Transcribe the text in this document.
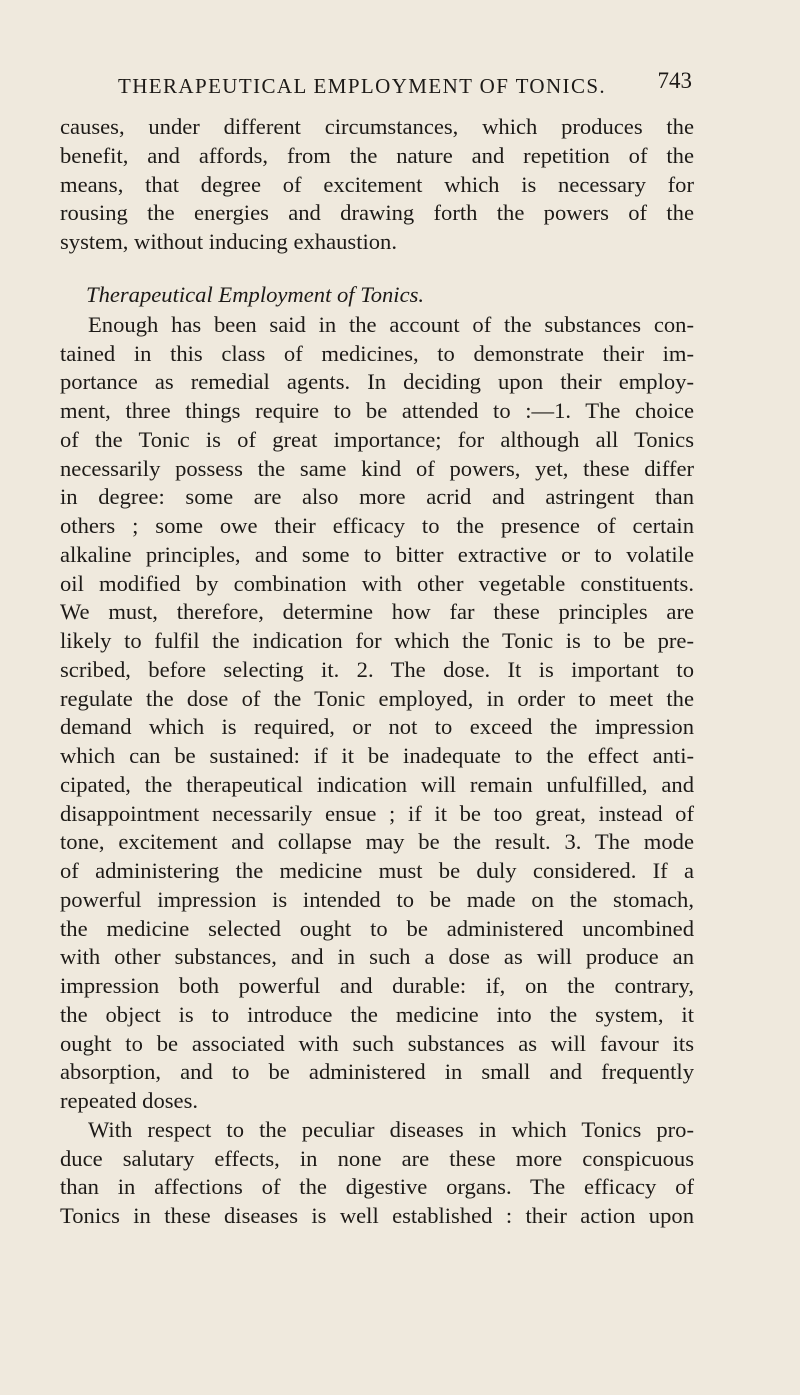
THERAPEUTICAL EMPLOYMENT OF TONICS. 743
causes, under different circumstances, which produces the
benefit, and affords, from the nature and repetition of the
means, that degree of excitement which is necessary for
rousing the energies and drawing forth the powers of the
system, without inducing exhaustion.
Therapeutical Employment of Tonics.
Enough has been said in the account of the substances con-
tained in this class of medicines, to demonstrate their im-
portance as remedial agents. In deciding upon their employ-
ment, three things require to be attended to :—1. The choice
of the Tonic is of great importance; for although all Tonics
necessarily possess the same kind of powers, yet, these differ
in degree: some are also more acrid and astringent than
others ; some owe their efficacy to the presence of certain
alkaline principles, and some to bitter extractive or to volatile
oil modified by combination with other vegetable constituents.
We must, therefore, determine how far these principles are
likely to fulfil the indication for which the Tonic is to be pre-
scribed, before selecting it. 2. The dose. It is important to
regulate the dose of the Tonic employed, in order to meet the
demand which is required, or not to exceed the impression
which can be sustained: if it be inadequate to the effect anti-
cipated, the therapeutical indication will remain unfulfilled, and
disappointment necessarily ensue ; if it be too great, instead of
tone, excitement and collapse may be the result. 3. The mode
of administering the medicine must be duly considered. If a
powerful impression is intended to be made on the stomach,
the medicine selected ought to be administered uncombined
with other substances, and in such a dose as will produce an
impression both powerful and durable: if, on the contrary,
the object is to introduce the medicine into the system, it
ought to be associated with such substances as will favour its
absorption, and to be administered in small and frequently
repeated doses.
With respect to the peculiar diseases in which Tonics pro-
duce salutary effects, in none are these more conspicuous
than in affections of the digestive organs. The efficacy of
Tonics in these diseases is well established : their action upon
